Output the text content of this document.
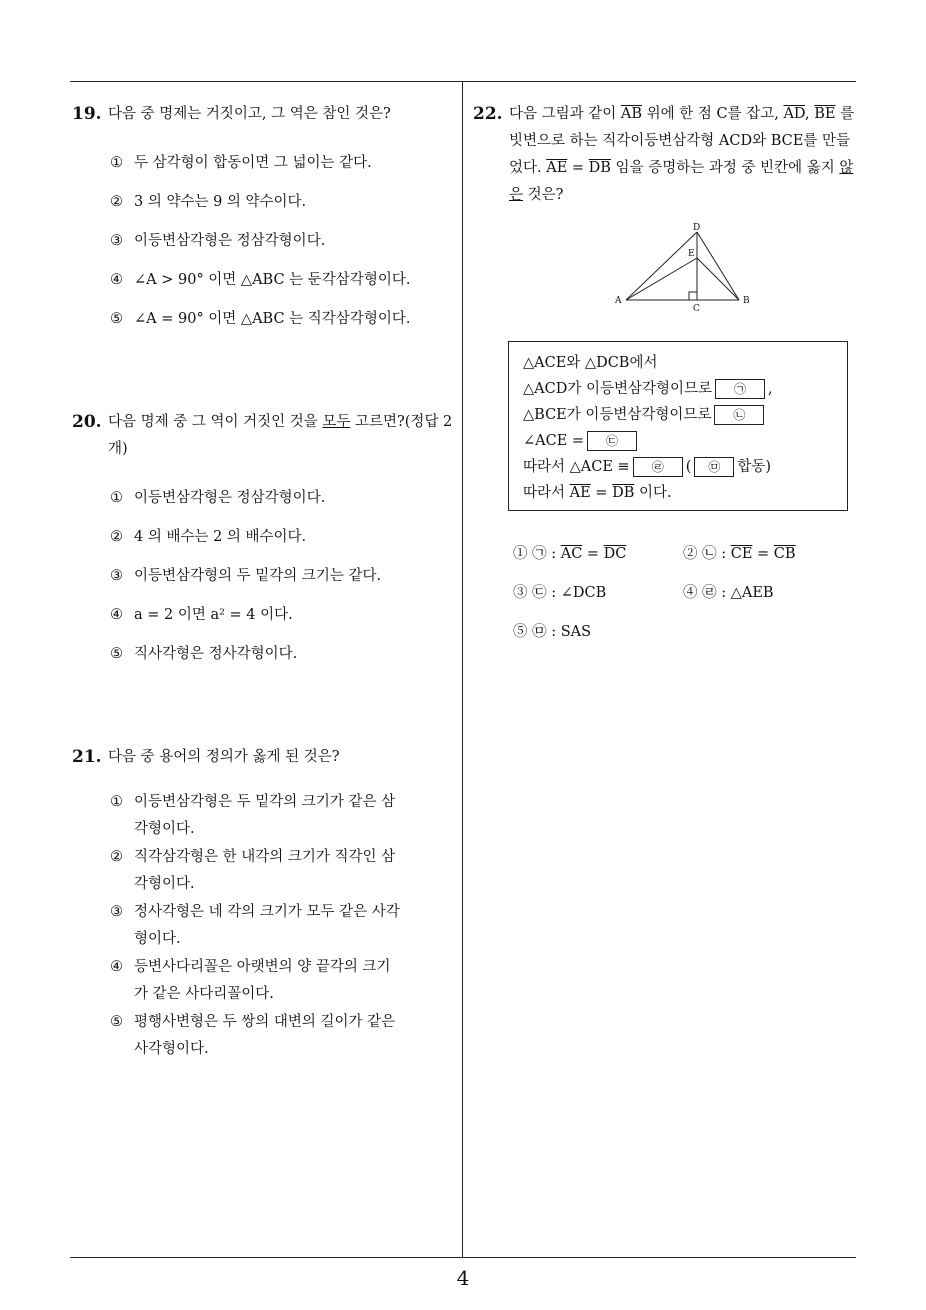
19. 다음 중 명제는 거짓이고, 그 역은 참인 것은?
① 두 삼각형이 합동이면 그 넓이는 같다.
② 3 의 약수는 9 의 약수이다.
③ 이등변삼각형은 정삼각형이다.
④ ∠A > 90° 이면 △ABC 는 둔각삼각형이다.
⑤ ∠A = 90° 이면 △ABC 는 직각삼각형이다.
20. 다음 명제 중 그 역이 거짓인 것을 모두 고르면?(정답 2개)
① 이등변삼각형은 정삼각형이다.
② 4 의 배수는 2 의 배수이다.
③ 이등변삼각형의 두 밑각의 크기는 같다.
④ a = 2 이면 a² = 4 이다.
⑤ 직사각형은 정사각형이다.
21. 다음 중 용어의 정의가 옳게 된 것은?
① 이등변삼각형은 두 밑각의 크기가 같은 삼각형이다.
② 직각삼각형은 한 내각의 크기가 직각인 삼각형이다.
③ 정사각형은 네 각의 크기가 모두 같은 사각형이다.
④ 등변사다리꼴은 아랫변의 양 끝각의 크기가 같은 사다리꼴이다.
⑤ 평행사변형은 두 쌍의 대변의 길이가 같은 사각형이다.
22. 다음 그림과 같이 $\overline{AB}$ 위에 한 점 C를 잡고, $\overline{AD}$, $\overline{BE}$ 를 빗변으로 하는 직각이등변삼각형 ACD와 BCE를 만들었다. $\overline{AE} = \overline{DB}$ 임을 증명하는 과정 중 빈칸에 옳지 않은 것은?
D
E
A	B
C
△ACE와 △DCB에서
△ACD가 이등변삼각형이므로 ㉠ ,
△BCE가 이등변삼각형이므로 ㉡
∠ACE = ㉢
따라서 △ACE ≡ ㉣ ( ㉤ 합동)
따라서 $\overline{AE} = \overline{DB}$ 이다.
① ㉠ : $\overline{AC} = \overline{DC}$	② ㉡ : $\overline{CE} = \overline{CB}$
③ ㉢ : ∠DCB	④ ㉣ : △AEB
⑤ ㉤ : SAS
4
